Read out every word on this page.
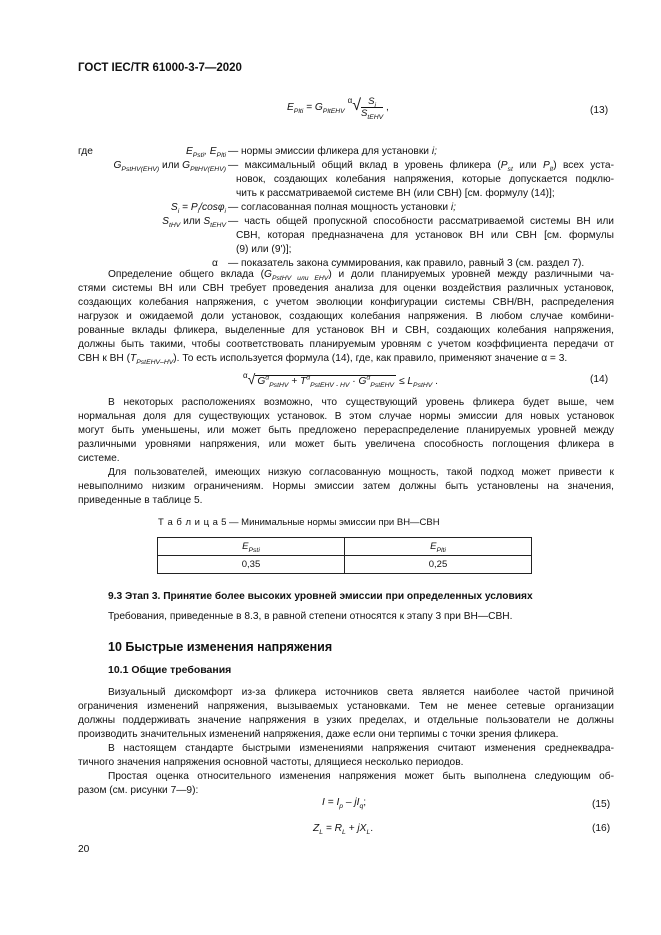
ГОСТ IEC/TR 61000-3-7—2020
$E_{Plti} = G_{PltEHV}$ $^\alpha√ \frac{S_i}{S_{tEHV}}$ ,	(13)
где	$E_{Psti}$, $E_{Plti}$ — нормы эмиссии фликера для установки i;
$G_{PstHV(EHV)}$ или $G_{PltHV(EHV)}$ — максимальный общий вклад в уровень фликера ($P_{st}$ или $P_{lt}$) всех уста-
новок, создающих колебания напряжения, которые допускается подклю-
чить к рассматриваемой системе ВН (или СВН) [см. формулу (14)];
$S_i = P_i/\cos\varphi_i$ — согласованная полная мощность установки i;
$S_{tHV}$ или $S_{tEHV}$ — часть общей пропускной способности рассматриваемой системы ВН или
СВН, которая предназначена для установок ВН или СВН [см. формулы
(9) или (9')];
α — показатель закона суммирования, как правило, равный 3 (см. раздел 7).
Определение общего вклада $(G_{PstHV или EHV})$ и доли планируемых уровней между различными ча-
стями системы ВН или СВН требует проведения анализа для оценки воздействия различных установок,
создающих колебания напряжения, с учетом эволюции конфигурации системы СВН/ВН, распределения
нагрузок и ожидаемой доли установок, создающих колебания напряжения. В любом случае комбини-
рованные вклады фликера, выделенные для установок ВН и СВН, создающих колебания напряжения,
должны быть такими, чтобы соответствовать планируемым уровням с учетом коэффициента передачи от
СВН к ВН $(T_{PstEHV-HV})$. То есть используется формула (14), где, как правило, применяют значение α = 3.
$^\alpha$√ $G^\alpha_{PstHV} + T^\alpha_{PstEHV - HV} \cdot G^\alpha_{PstEHV} \le L_{PstHV}$ .	(14)
В некоторых расположениях возможно, что существующий уровень фликера будет выше, чем
нормальная доля для существующих установок. В этом случае нормы эмиссии для новых установок
могут быть уменьшены, или может быть предложено перераспределение планируемых уровней между
различными уровнями напряжения, или может быть увеличена способность поглощения фликера в
системе.
Для пользователей, имеющих низкую согласованную мощность, такой подход может привести к
невыполнимо низким ограничениям. Нормы эмиссии затем должны быть установлены на значения,
приведенные в таблице 5.
Т а б л и ц а 5 — Минимальные нормы эмиссии при ВН—СВН
$E_{Psti}$	$E_{Plti}$
0,35	0,25
9.3 Этап 3. Принятие более высоких уровней эмиссии при определенных условиях
Требования, приведенные в 8.3, в равной степени относятся к этапу 3 при ВН—СВН.
10 Быстрые изменения напряжения
10.1 Общие требования
Визуальный дискомфорт из-за фликера источников света является наиболее частой причиной
ограничения изменений напряжения, вызываемых установками. Тем не менее сетевые организации
должны поддерживать значение напряжения в узких пределах, и отдельные пользователи не должны
производить значительных изменений напряжения, даже если они терпимы с точки зрения фликера.
В настоящем стандарте быстрыми изменениями напряжения считают изменения среднеквадра-
тичного значения напряжения основной частоты, длящиеся несколько периодов.
Простая оценка относительного изменения напряжения может быть выполнена следующим об-
разом (см. рисунки 7—9):
$I = I_p - jI_q$;	(15)
$Z_L = R_L + jX_L$.	(16)
20
